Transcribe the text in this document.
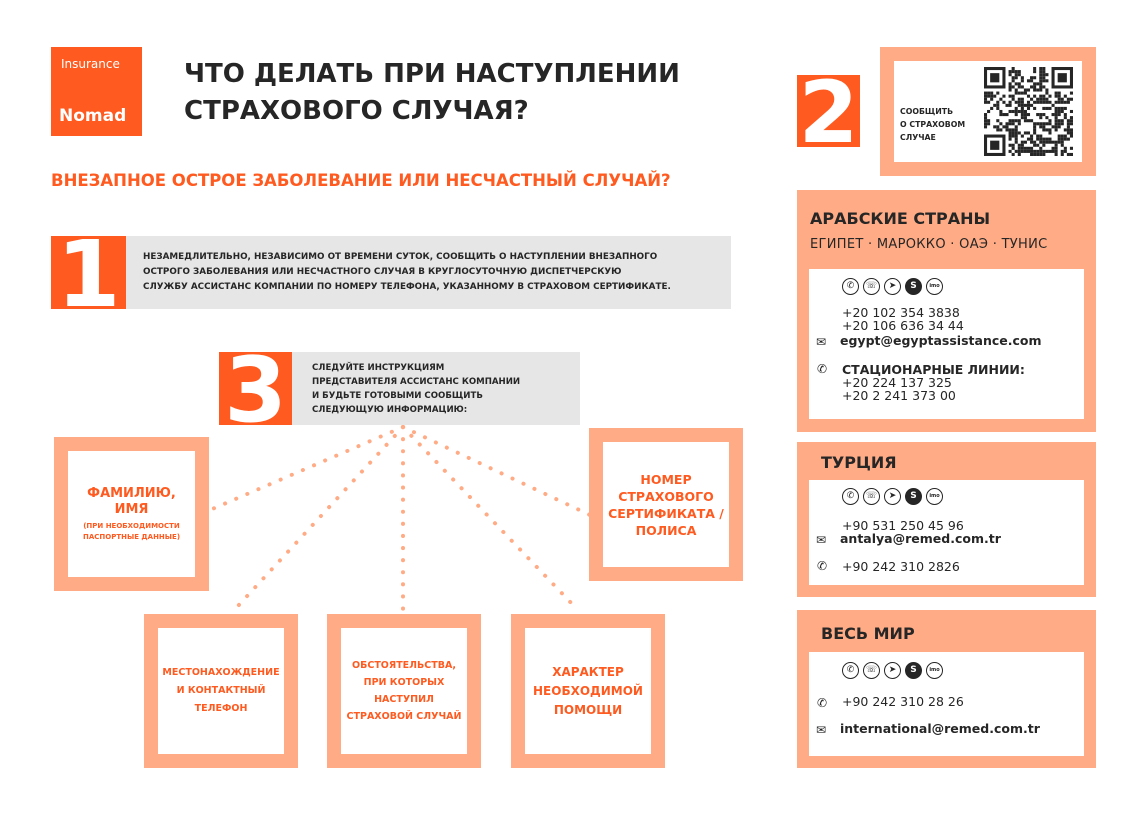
Insurance
Nomad
ЧТО ДЕЛАТЬ ПРИ НАСТУПЛЕНИИ
СТРАХОВОГО СЛУЧАЯ?
ВНЕЗАПНОЕ ОСТРОЕ ЗАБОЛЕВАНИЕ ИЛИ НЕСЧАСТНЫЙ СЛУЧАЙ?
1	НЕЗАМЕДЛИТЕЛЬНО, НЕЗАВИСИМО ОТ ВРЕМЕНИ СУТОК, СООБЩИТЬ О НАСТУПЛЕНИИ ВНЕЗАПНОГО
ОСТРОГО ЗАБОЛЕВАНИЯ ИЛИ НЕСЧАСТНОГО СЛУЧАЯ В КРУГЛОСУТОЧНУЮ ДИСПЕТЧЕРСКУЮ
СЛУЖБУ АССИСТАНС КОМПАНИИ ПО НОМЕРУ ТЕЛЕФОНА, УКАЗАННОМУ В СТРАХОВОМ СЕРТИФИКАТЕ.
3	СЛЕДУЙТЕ ИНСТРУКЦИЯМ
ПРЕДСТАВИТЕЛЯ АССИСТАНС КОМПАНИИ
И БУДЬТЕ ГОТОВЫМИ СООБЩИТЬ
СЛЕДУЮЩУЮ ИНФОРМАЦИЮ:
ФАМИЛИЮ,
ИМЯ
(ПРИ НЕОБХОДИМОСТИ
ПАСПОРТНЫЕ ДАННЫЕ)
НОМЕР
СТРАХОВОГО
СЕРТИФИКАТА /
ПОЛИСА
МЕСТОНАХОЖДЕНИЕ
И КОНТАКТНЫЙ
ТЕЛЕФОН
ОБСТОЯТЕЛЬСТВА,
ПРИ КОТОРЫХ
НАСТУПИЛ
СТРАХОВОЙ СЛУЧАЙ
ХАРАКТЕР
НЕОБХОДИМОЙ
ПОМОЩИ
2	СООБЩИТЬ
О СТРАХОВОМ
СЛУЧАЕ
АРАБСКИЕ СТРАНЫ
ЕГИПЕТ · МАРОККО · ОАЭ · ТУНИС
✆	☏	➤	S	imo
+20 102 354 3838
+20 106 636 34 44
✉ egypt@egyptassistance.com
✆ СТАЦИОНАРНЫЕ ЛИНИИ:
+20 224 137 325
+20 2 241 373 00
ТУРЦИЯ
✆	☏	➤	S	imo
+90 531 250 45 96
✉ antalya@remed.com.tr
✆ +90 242 310 2826
ВЕСЬ МИР
✆	☏	➤	S	imo
✆ +90 242 310 28 26
✉ international@remed.com.tr
